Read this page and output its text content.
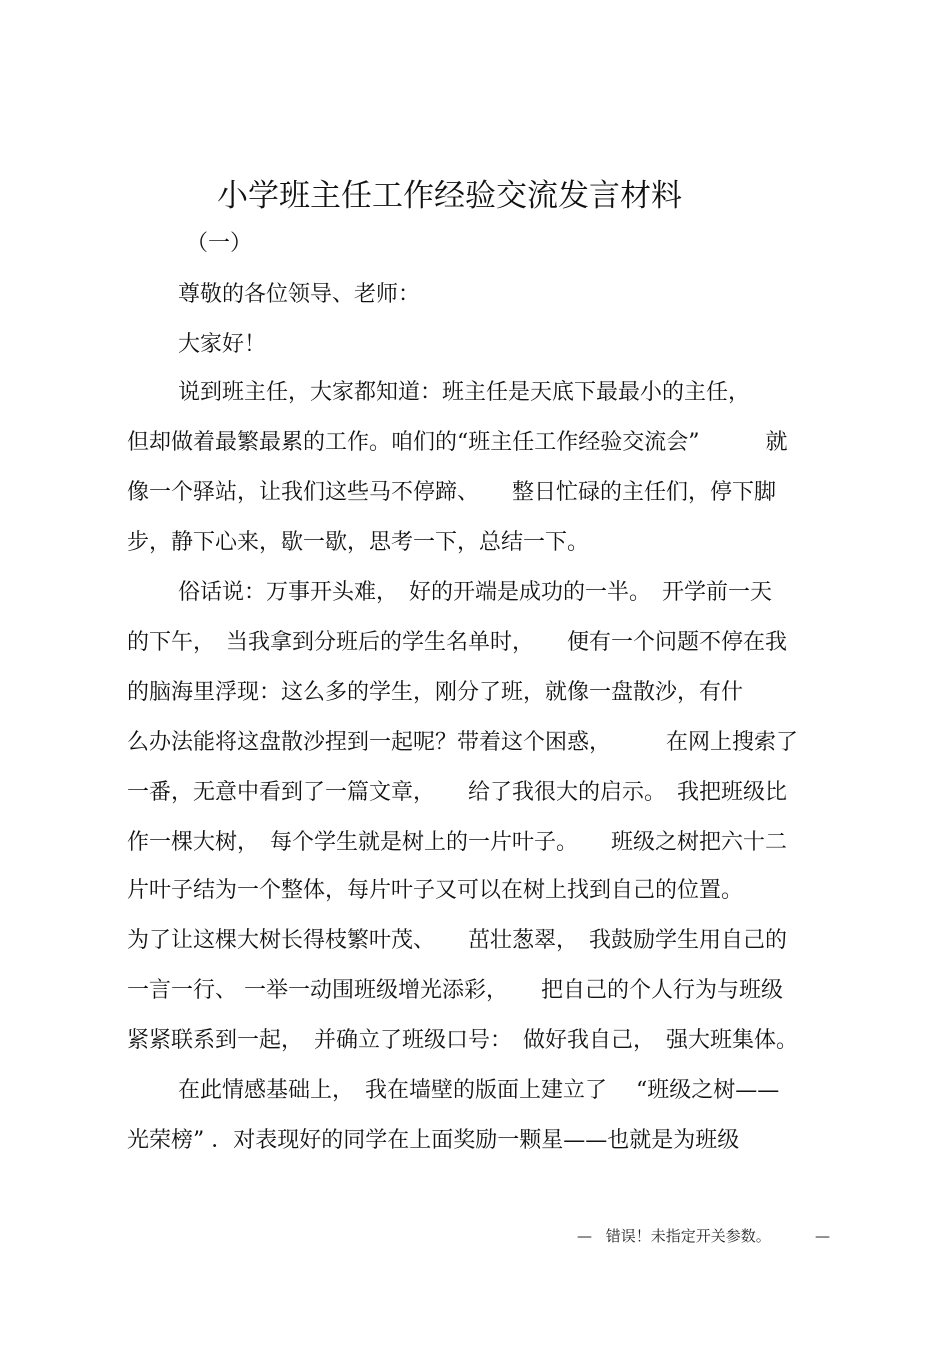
小学班主任工作经验交流发言材料
（一）
尊敬的各位领导、老师：
大家好！
说到班主任，大家都知道：班主任是天底下最最小的主任，
但却做着最繁最累的工作。咱们的“班主任工作经验交流会”　　　就
像一个驿站，让我们这些马不停蹄、　　整日忙碌的主任们，停下脚
步，静下心来，歇一歇，思考一下，总结一下。
俗话说：万事开头难，　好的开端是成功的一半。　开学前一天
的下午，　当我拿到分班后的学生名单时，　　便有一个问题不停在我
的脑海里浮现：这么多的学生，刚分了班，就像一盘散沙，有什
么办法能将这盘散沙捏到一起呢？带着这个困惑，　　　在网上搜索了
一番，无意中看到了一篇文章，　　给了我很大的启示。　我把班级比
作一棵大树，　每个学生就是树上的一片叶子。　　班级之树把六十二
片叶子结为一个整体，每片叶子又可以在树上找到自己的位置。
为了让这棵大树长得枝繁叶茂、　　茁壮葱翠，　我鼓励学生用自己的
一言一行、 一举一动围班级增光添彩，　　把自己的个人行为与班级
紧紧联系到一起，　并确立了班级口号：　做好我自己，　强大班集体。
在此情感基础上，　我在墙壁的版面上建立了　 “班级之树——
光荣榜” ．对表现好的同学在上面奖励一颗星——也就是为班级
— 错误！未指定开关参数。	—
